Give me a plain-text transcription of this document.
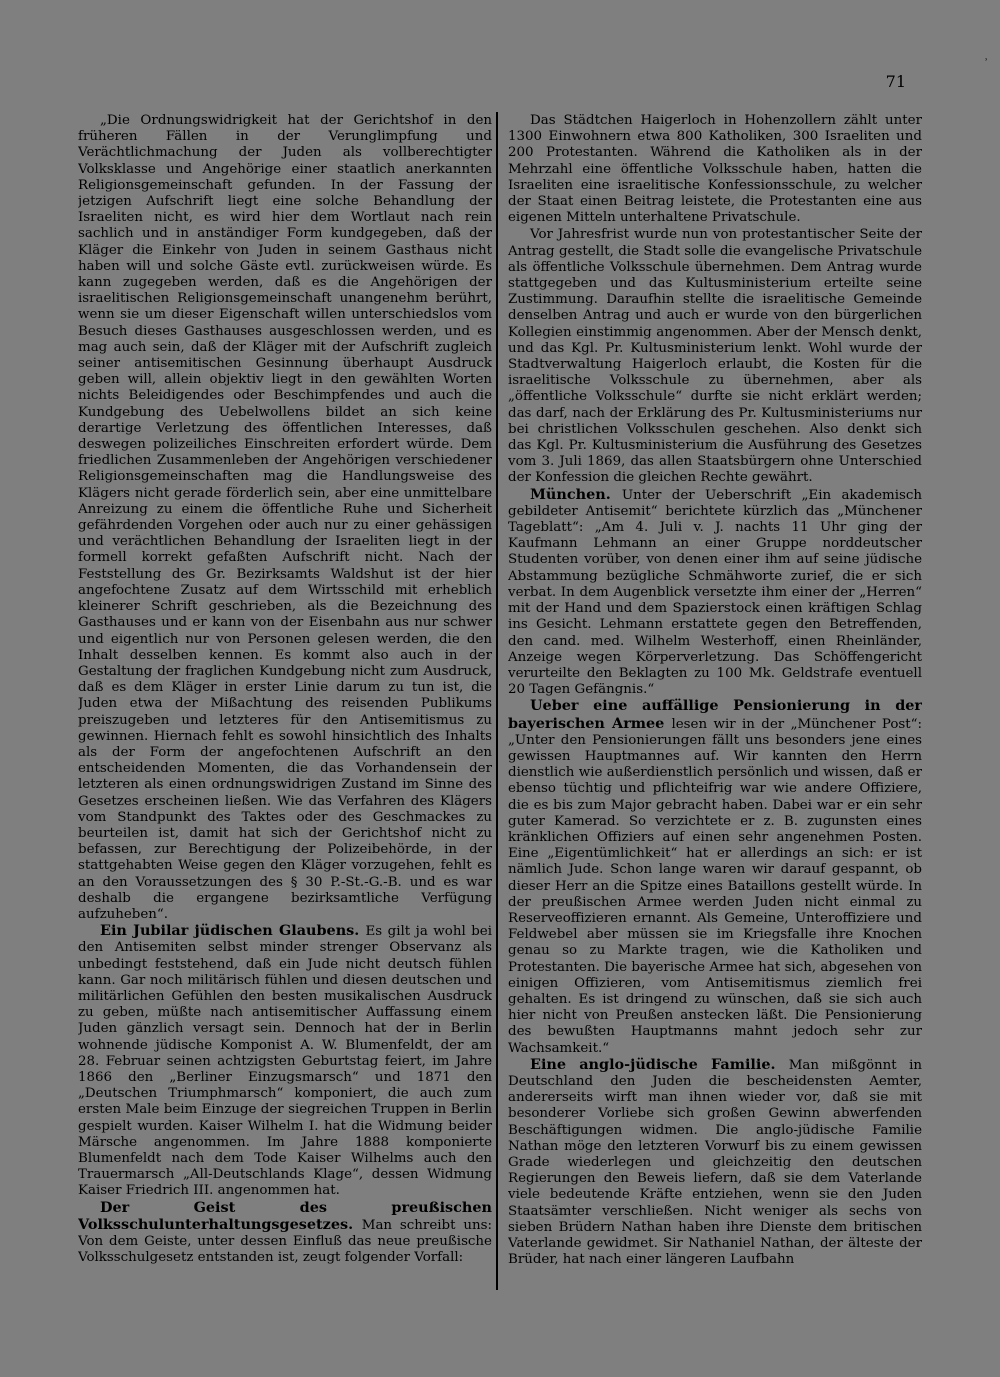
˒
71

„Die Ordnungswidrigkeit hat der Gerichtshof in den früheren Fällen in der Verunglimpfung und Verächtlichmachung der Juden als vollberechtigter Volksklasse und Angehörige einer staatlich anerkannten Religionsgemeinschaft gefunden. In der Fassung der jetzigen Aufschrift liegt eine solche Behandlung der Israeliten nicht, es wird hier dem Wortlaut nach rein sachlich und in anständiger Form kundgegeben, daß der Kläger die Einkehr von Juden in seinem Gasthaus nicht haben will und solche Gäste evtl. zurückweisen würde. Es kann zugegeben werden, daß es die Angehörigen der israelitischen Religionsgemeinschaft unangenehm berührt, wenn sie um dieser Eigenschaft willen unterschiedslos vom Besuch dieses Gasthauses ausgeschlossen werden, und es mag auch sein, daß der Kläger mit der Aufschrift zugleich seiner antisemitischen Gesinnung überhaupt Ausdruck geben will, allein objektiv liegt in den gewählten Worten nichts Beleidigendes oder Beschimpfendes und auch die Kundgebung des Uebelwollens bildet an sich keine derartige Verletzung des öffentlichen Interesses, daß deswegen polizeiliches Einschreiten erfordert würde. Dem friedlichen Zusammenleben der Angehörigen verschiedener Religionsgemeinschaften mag die Handlungsweise des Klägers nicht gerade förderlich sein, aber eine unmittelbare Anreizung zu einem die öffentliche Ruhe und Sicherheit gefährdenden Vorgehen oder auch nur zu einer gehässigen und verächtlichen Behandlung der Israeliten liegt in der formell korrekt gefaßten Aufschrift nicht. Nach der Feststellung des Gr. Bezirksamts Waldshut ist der hier angefochtene Zusatz auf dem Wirtsschild mit erheblich kleinerer Schrift geschrieben, als die Bezeichnung des Gasthauses und er kann von der Eisenbahn aus nur schwer und eigentlich nur von Personen gelesen werden, die den Inhalt desselben kennen. Es kommt also auch in der Gestaltung der fraglichen Kundgebung nicht zum Ausdruck, daß es dem Kläger in erster Linie darum zu tun ist, die Juden etwa der Mißachtung des reisenden Publikums preiszugeben und letzteres für den Antisemitismus zu gewinnen. Hiernach fehlt es sowohl hinsichtlich des Inhalts als der Form der angefochtenen Aufschrift an den entscheidenden Momenten, die das Vorhandensein der letzteren als einen ordnungswidrigen Zustand im Sinne des Gesetzes erscheinen ließen. Wie das Verfahren des Klägers vom Standpunkt des Taktes oder des Geschmackes zu beurteilen ist, damit hat sich der Gerichtshof nicht zu befassen, zur Berechtigung der Polizeibehörde, in der stattgehabten Weise gegen den Kläger vorzugehen, fehlt es an den Voraussetzungen des § 30 P.-St.-G.-B. und es war deshalb die ergangene bezirksamtliche Verfügung aufzuheben“.

Ein Jubilar jüdischen Glaubens. Es gilt ja wohl bei den Antisemiten selbst minder strenger Observanz als unbedingt feststehend, daß ein Jude nicht deutsch fühlen kann. Gar noch militärisch fühlen und diesen deutschen und militärlichen Gefühlen den besten musikalischen Ausdruck zu geben, müßte nach antisemitischer Auffassung einem Juden gänzlich versagt sein. Dennoch hat der in Berlin wohnende jüdische Komponist A. W. Blumenfeldt, der am 28. Februar seinen achtzigsten Geburtstag feiert, im Jahre 1866 den „Berliner Einzugsmarsch“ und 1871 den „Deutschen Triumphmarsch“ komponiert, die auch zum ersten Male beim Einzuge der siegreichen Truppen in Berlin gespielt wurden. Kaiser Wilhelm I. hat die Widmung beider Märsche angenommen. Im Jahre 1888 komponierte Blumenfeldt nach dem Tode Kaiser Wilhelms auch den Trauermarsch „All-Deutschlands Klage“, dessen Widmung Kaiser Friedrich III. angenommen hat.

Der Geist des preußischen Volksschulunterhaltungsgesetzes. Man schreibt uns: Von dem Geiste, unter dessen Einfluß das neue preußische Volksschulgesetz entstanden ist, zeugt folgender Vorfall:

Das Städtchen Haigerloch in Hohenzollern zählt unter 1300 Einwohnern etwa 800 Katholiken, 300 Israeliten und 200 Protestanten. Während die Katholiken als in der Mehrzahl eine öffentliche Volksschule haben, hatten die Israeliten eine israelitische Konfessionsschule, zu welcher der Staat einen Beitrag leistete, die Protestanten eine aus eigenen Mitteln unterhaltene Privatschule.

Vor Jahresfrist wurde nun von protestantischer Seite der Antrag gestellt, die Stadt solle die evangelische Privatschule als öffentliche Volksschule übernehmen. Dem Antrag wurde stattgegeben und das Kultusministerium erteilte seine Zustimmung. Daraufhin stellte die israelitische Gemeinde denselben Antrag und auch er wurde von den bürgerlichen Kollegien einstimmig angenommen. Aber der Mensch denkt, und das Kgl. Pr. Kultusministerium lenkt. Wohl wurde der Stadtverwaltung Haigerloch erlaubt, die Kosten für die israelitische Volksschule zu übernehmen, aber als „öffentliche Volksschule“ durfte sie nicht erklärt werden; das darf, nach der Erklärung des Pr. Kultusministeriums nur bei christlichen Volksschulen geschehen. Also denkt sich das Kgl. Pr. Kultusministerium die Ausführung des Gesetzes vom 3. Juli 1869, das allen Staatsbürgern ohne Unterschied der Konfession die gleichen Rechte gewährt.

München. Unter der Ueberschrift „Ein akademisch gebildeter Antisemit“ berichtete kürzlich das „Münchener Tageblatt“: „Am 4. Juli v. J. nachts 11 Uhr ging der Kaufmann Lehmann an einer Gruppe norddeutscher Studenten vorüber, von denen einer ihm auf seine jüdische Abstammung bezügliche Schmähworte zurief, die er sich verbat. In dem Augenblick versetzte ihm einer der „Herren“ mit der Hand und dem Spazierstock einen kräftigen Schlag ins Gesicht. Lehmann erstattete gegen den Betreffenden, den cand. med. Wilhelm Westerhoff, einen Rheinländer, Anzeige wegen Körperverletzung. Das Schöffengericht verurteilte den Beklagten zu 100 Mk. Geldstrafe eventuell 20 Tagen Gefängnis.“

Ueber eine auffällige Pensionierung in der bayerischen Armee lesen wir in der „Münchener Post“: „Unter den Pensionierungen fällt uns besonders jene eines gewissen Hauptmannes auf. Wir kannten den Herrn dienstlich wie außerdienstlich persönlich und wissen, daß er ebenso tüchtig und pflichteifrig war wie andere Offiziere, die es bis zum Major gebracht haben. Dabei war er ein sehr guter Kamerad. So verzichtete er z. B. zugunsten eines kränklichen Offiziers auf einen sehr angenehmen Posten. Eine „Eigentümlichkeit“ hat er allerdings an sich: er ist nämlich Jude. Schon lange waren wir darauf gespannt, ob dieser Herr an die Spitze eines Bataillons gestellt würde. In der preußischen Armee werden Juden nicht einmal zu Reserveoffizieren ernannt. Als Gemeine, Unteroffiziere und Feldwebel aber müssen sie im Kriegsfalle ihre Knochen genau so zu Markte tragen, wie die Katholiken und Protestanten. Die bayerische Armee hat sich, abgesehen von einigen Offizieren, vom Antisemitismus ziemlich frei gehalten. Es ist dringend zu wünschen, daß sie sich auch hier nicht von Preußen anstecken läßt. Die Pensionierung des bewußten Hauptmanns mahnt jedoch sehr zur Wachsamkeit.“

Eine anglo-jüdische Familie. Man mißgönnt in Deutschland den Juden die bescheidensten Aemter, andererseits wirft man ihnen wieder vor, daß sie mit besonderer Vorliebe sich großen Gewinn abwerfenden Beschäftigungen widmen. Die anglo-jüdische Familie Nathan möge den letzteren Vorwurf bis zu einem gewissen Grade wiederlegen und gleichzeitig den deutschen Regierungen den Beweis liefern, daß sie dem Vaterlande viele bedeutende Kräfte entziehen, wenn sie den Juden Staatsämter verschließen. Nicht weniger als sechs von sieben Brüdern Nathan haben ihre Dienste dem britischen Vaterlande gewidmet. Sir Nathaniel Nathan, der älteste der Brüder, hat nach einer längeren Laufbahn
